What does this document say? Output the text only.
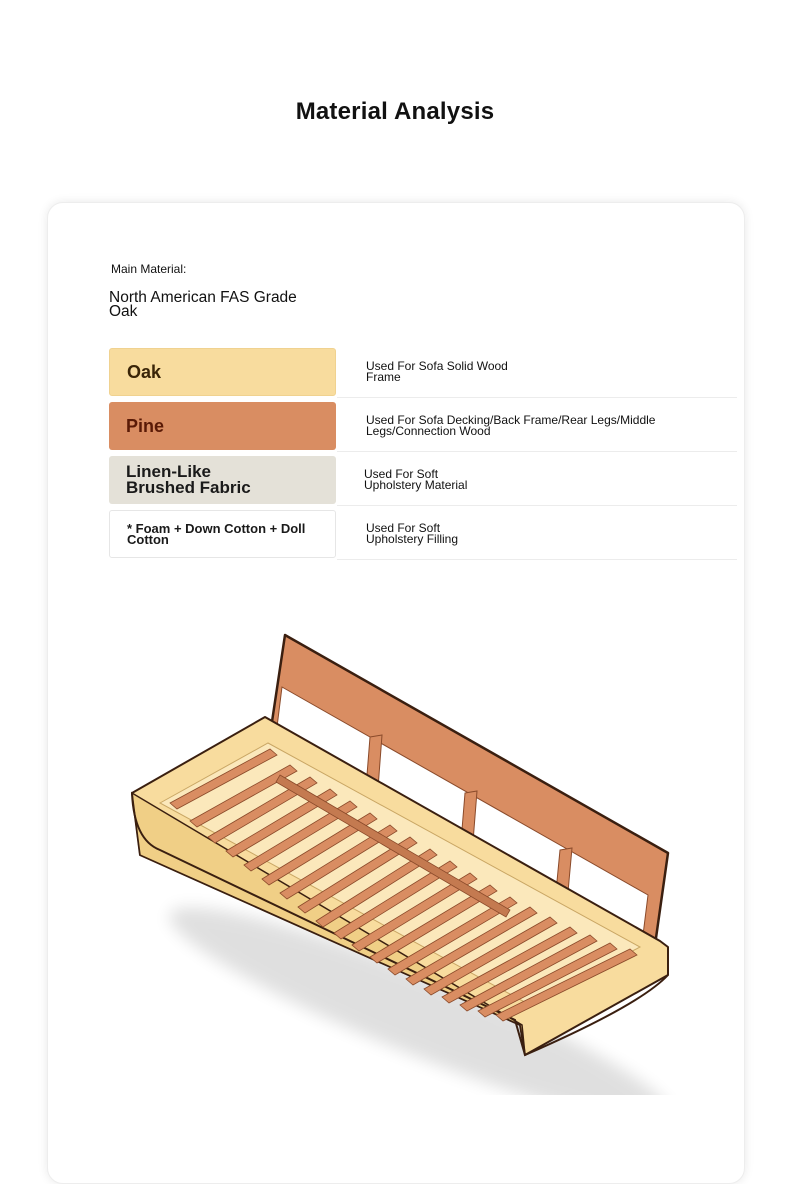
Material Analysis
Main Material:
North American FAS Grade Oak
Oak	Used For Sofa Solid Wood Frame
Pine	Used For Sofa Decking/Back Frame/Rear Legs/Middle Legs/Connection Wood
Linen-Like Brushed Fabric
Used For Soft Upholstery Material
* Foam + Down Cotton + Doll Cotton
Used For Soft Upholstery Filling
